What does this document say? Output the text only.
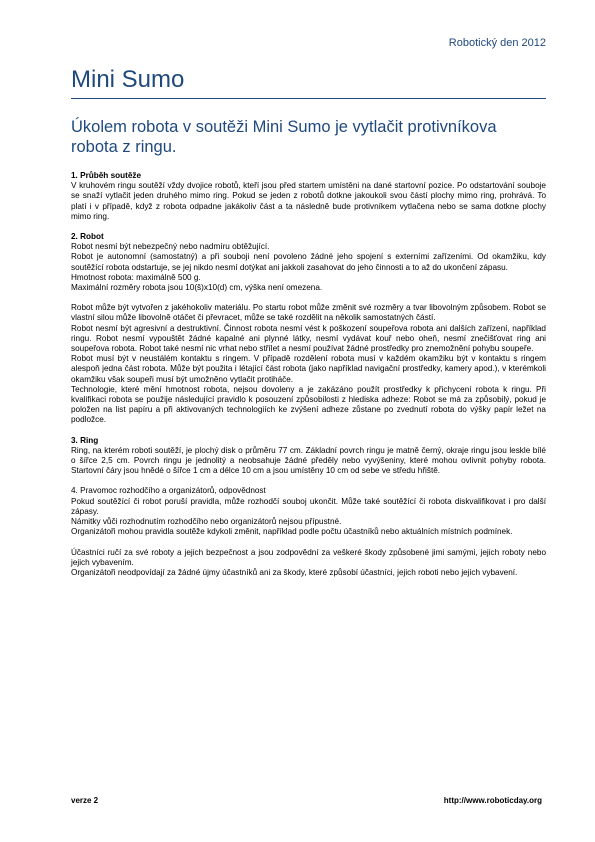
Robotický den 2012
Mini Sumo
Úkolem robota v soutěži Mini Sumo je vytlačit protivníkova robota z ringu.
1. Průběh soutěže
V kruhovém ringu soutěží vždy dvojice robotů, kteří jsou před startem umístěni na dané startovní pozice. Po odstartování souboje se snaží vytlačit jeden druhého mimo ring. Pokud se jeden z robotů dotkne jakoukoli svou částí plochy mimo ring, prohrává. To platí i v případě, když z robota odpadne jakákoliv část a ta následně bude protivníkem vytlačena nebo se sama dotkne plochy mimo ring.
2. Robot
Robot nesmí být nebezpečný nebo nadmíru obtěžující.
Robot je autonomní (samostatný) a při souboji není povoleno žádné jeho spojení s externími zařízeními. Od okamžiku, kdy soutěžící robota odstartuje, se jej nikdo nesmí dotýkat ani jakkoli zasahovat do jeho činnosti a to až do ukončení zápasu.
Hmotnost robota: maximálně 500 g.
Maximální rozměry robota jsou 10(š)x10(d) cm, výška není omezena.
Robot může být vytvořen z jakéhokoliv materiálu. Po startu robot může změnit své rozměry a tvar libovolným způsobem. Robot se vlastní silou může libovolně otáčet či převracet, může se také rozdělit na několik samostatných částí.
Robot nesmí být agresivní a destruktivní. Činnost robota nesmí vést k poškození soupeřova robota ani dalších zařízení, například ringu. Robot nesmí vypouštět žádné kapalné ani plynné látky, nesmí vydávat kouř nebo oheň, nesmí znečišťovat ring ani soupeřova robota. Robot také nesmí nic vrhat nebo střílet a nesmí používat žádné prostředky pro znemožnění pohybu soupeře.
Robot musí být v neustálém kontaktu s ringem. V případě rozdělení robota musí v každém okamžiku být v kontaktu s ringem alespoň jedna část robota. Může být použita i létající část robota (jako například navigační prostředky, kamery apod.), v kterémkoli okamžiku však soupeři musí být umožněno vytlačit protiháče.
Technologie, které mění hmotnost robota, nejsou dovoleny a je zakázáno použít prostředky k přichycení robota k ringu. Při kvalifikaci robota se použije následující pravidlo k posouzení způsobilosti z hlediska adheze: Robot se má za způsobilý, pokud je položen na list papíru a při aktivovaných technologiích ke zvýšení adheze zůstane po zvednutí robota do výšky papír ležet na podložce.
3. Ring
Ring, na kterém roboti soutěží, je plochý disk o průměru 77 cm. Základní povrch ringu je matně černý, okraje ringu jsou leskle bílé o šířce 2,5 cm. Povrch ringu je jednolitý a neobsahuje žádné předěly nebo vyvýšeniny, které mohou ovlivnit pohyby robota. Startovní čáry jsou hnědé o šířce 1 cm a délce 10 cm a jsou umístěny 10 cm od sebe ve středu hřiště.
4. Pravomoc rozhodčího a organizátorů, odpovědnost
Pokud soutěžící či robot poruší pravidla, může rozhodčí souboj ukončit. Může také soutěžící či robota diskvalifikovat i pro další zápasy.
Námitky vůči rozhodnutím rozhodčího nebo organizátorů nejsou přípustné.
Organizátoři mohou pravidla soutěže kdykoli změnit, například podle počtu účastníků nebo aktuálních místních podmínek.
Účastníci ručí za své roboty a jejich bezpečnost a jsou zodpovědní za veškeré škody způsobené jimi samými, jejich roboty nebo jejich vybavením.
Organizátoři neodpovídají za žádné újmy účastníků ani za škody, které způsobí účastníci, jejich roboti nebo jejich vybavení.
verze 2	http://www.roboticday.org
